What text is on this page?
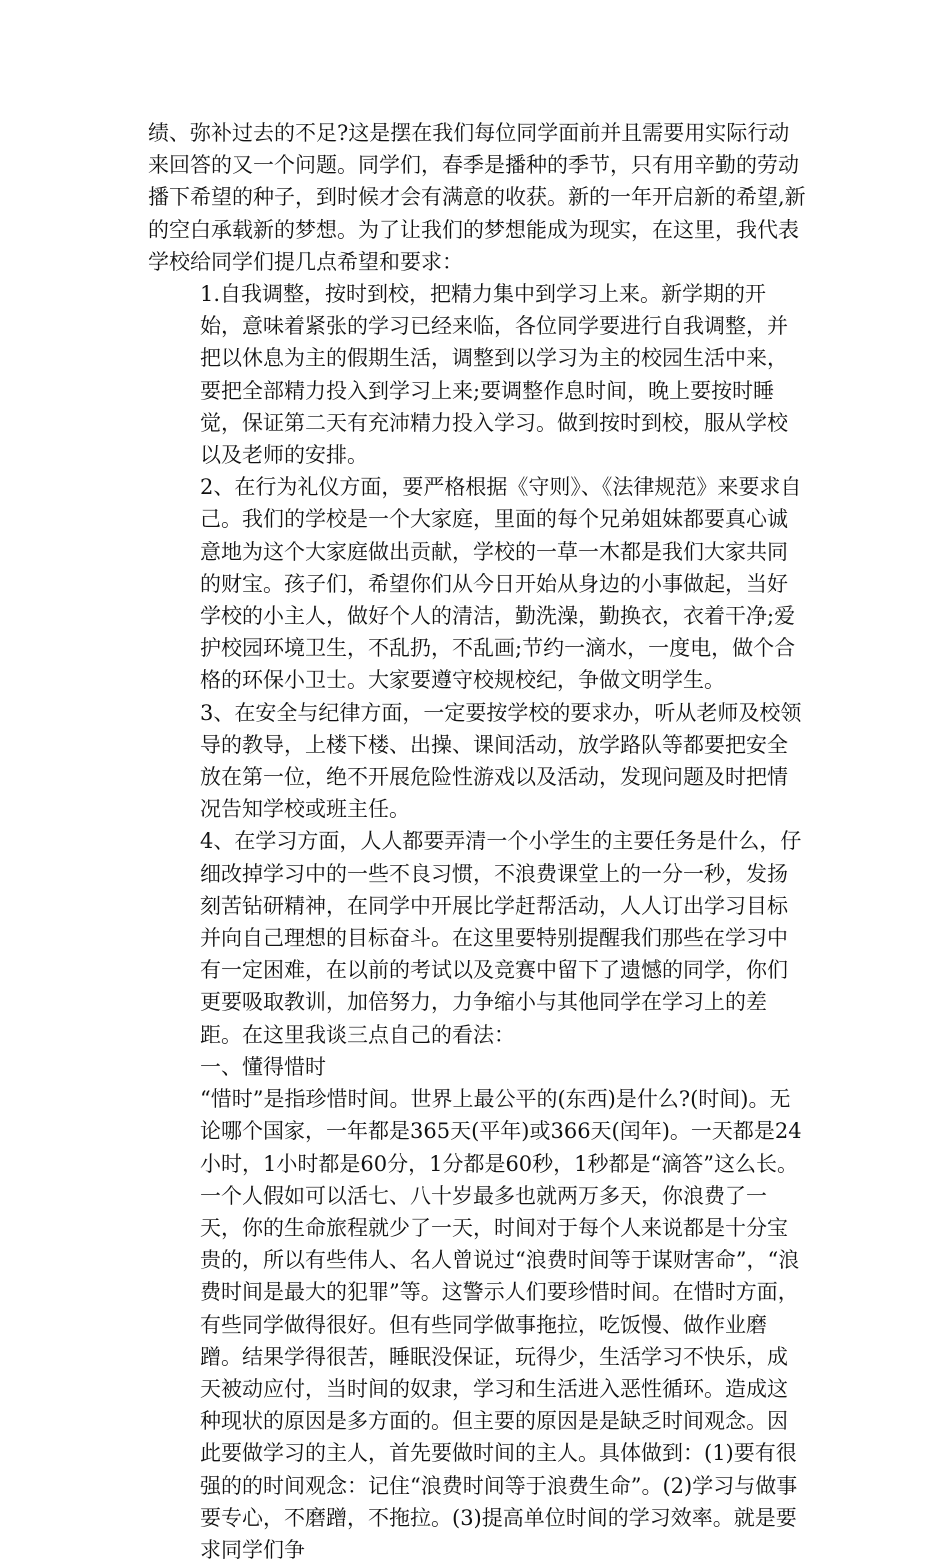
绩、弥补过去的不足?这是摆在我们每位同学面前并且需要用实际行动来回答的又一个问题。同学们，春季是播种的季节，只有用辛勤的劳动播下希望的种子，到时候才会有满意的收获。新的一年开启新的希望,新的空白承载新的梦想。为了让我们的梦想能成为现实，在这里，我代表学校给同学们提几点希望和要求：

1.自我调整，按时到校，把精力集中到学习上来。新学期的开始，意味着紧张的学习已经来临，各位同学要进行自我调整，并把以休息为主的假期生活，调整到以学习为主的校园生活中来，要把全部精力投入到学习上来;要调整作息时间，晚上要按时睡觉，保证第二天有充沛精力投入学习。做到按时到校，服从学校以及老师的安排。

2、在行为礼仪方面，要严格根据《守则》、《法律规范》来要求自己。我们的学校是一个大家庭，里面的每个兄弟姐妹都要真心诚意地为这个大家庭做出贡献，学校的一草一木都是我们大家共同的财宝。孩子们，希望你们从今日开始从身边的小事做起，当好学校的小主人，做好个人的清洁，勤洗澡，勤换衣，衣着干净;爱护校园环境卫生，不乱扔，不乱画;节约一滴水，一度电，做个合格的环保小卫士。大家要遵守校规校纪，争做文明学生。

3、在安全与纪律方面，一定要按学校的要求办，听从老师及校领导的教导，上楼下楼、出操、课间活动，放学路队等都要把安全放在第一位，绝不开展危险性游戏以及活动，发现问题及时把情况告知学校或班主任。

4、在学习方面，人人都要弄清一个小学生的主要任务是什么，仔细改掉学习中的一些不良习惯，不浪费课堂上的一分一秒，发扬刻苦钻研精神，在同学中开展比学赶帮活动，人人订出学习目标并向自己理想的目标奋斗。在这里要特别提醒我们那些在学习中有一定困难，在以前的考试以及竞赛中留下了遗憾的同学，你们更要吸取教训，加倍努力，力争缩小与其他同学在学习上的差距。在这里我谈三点自己的看法：

一、懂得惜时

“惜时”是指珍惜时间。世界上最公平的(东西)是什么?(时间)。无论哪个国家，一年都是365天(平年)或366天(闰年)。一天都是24小时，1小时都是60分，1分都是60秒，1秒都是“滴答”这么长。一个人假如可以活七、八十岁最多也就两万多天，你浪费了一天，你的生命旅程就少了一天，时间对于每个人来说都是十分宝贵的，所以有些伟人、名人曾说过“浪费时间等于谋财害命”，“浪费时间是最大的犯罪”等。这警示人们要珍惜时间。在惜时方面，有些同学做得很好。但有些同学做事拖拉，吃饭慢、做作业磨蹭。结果学得很苦，睡眠没保证，玩得少，生活学习不快乐，成天被动应付，当时间的奴隶，学习和生活进入恶性循环。造成这种现状的原因是多方面的。但主要的原因是是缺乏时间观念。因此要做学习的主人，首先要做时间的主人。具体做到：(1)要有很强的的时间观念：记住“浪费时间等于浪费生命”。(2)学习与做事要专心，不磨蹭，不拖拉。(3)提高单位时间的学习效率。就是要求同学们争
